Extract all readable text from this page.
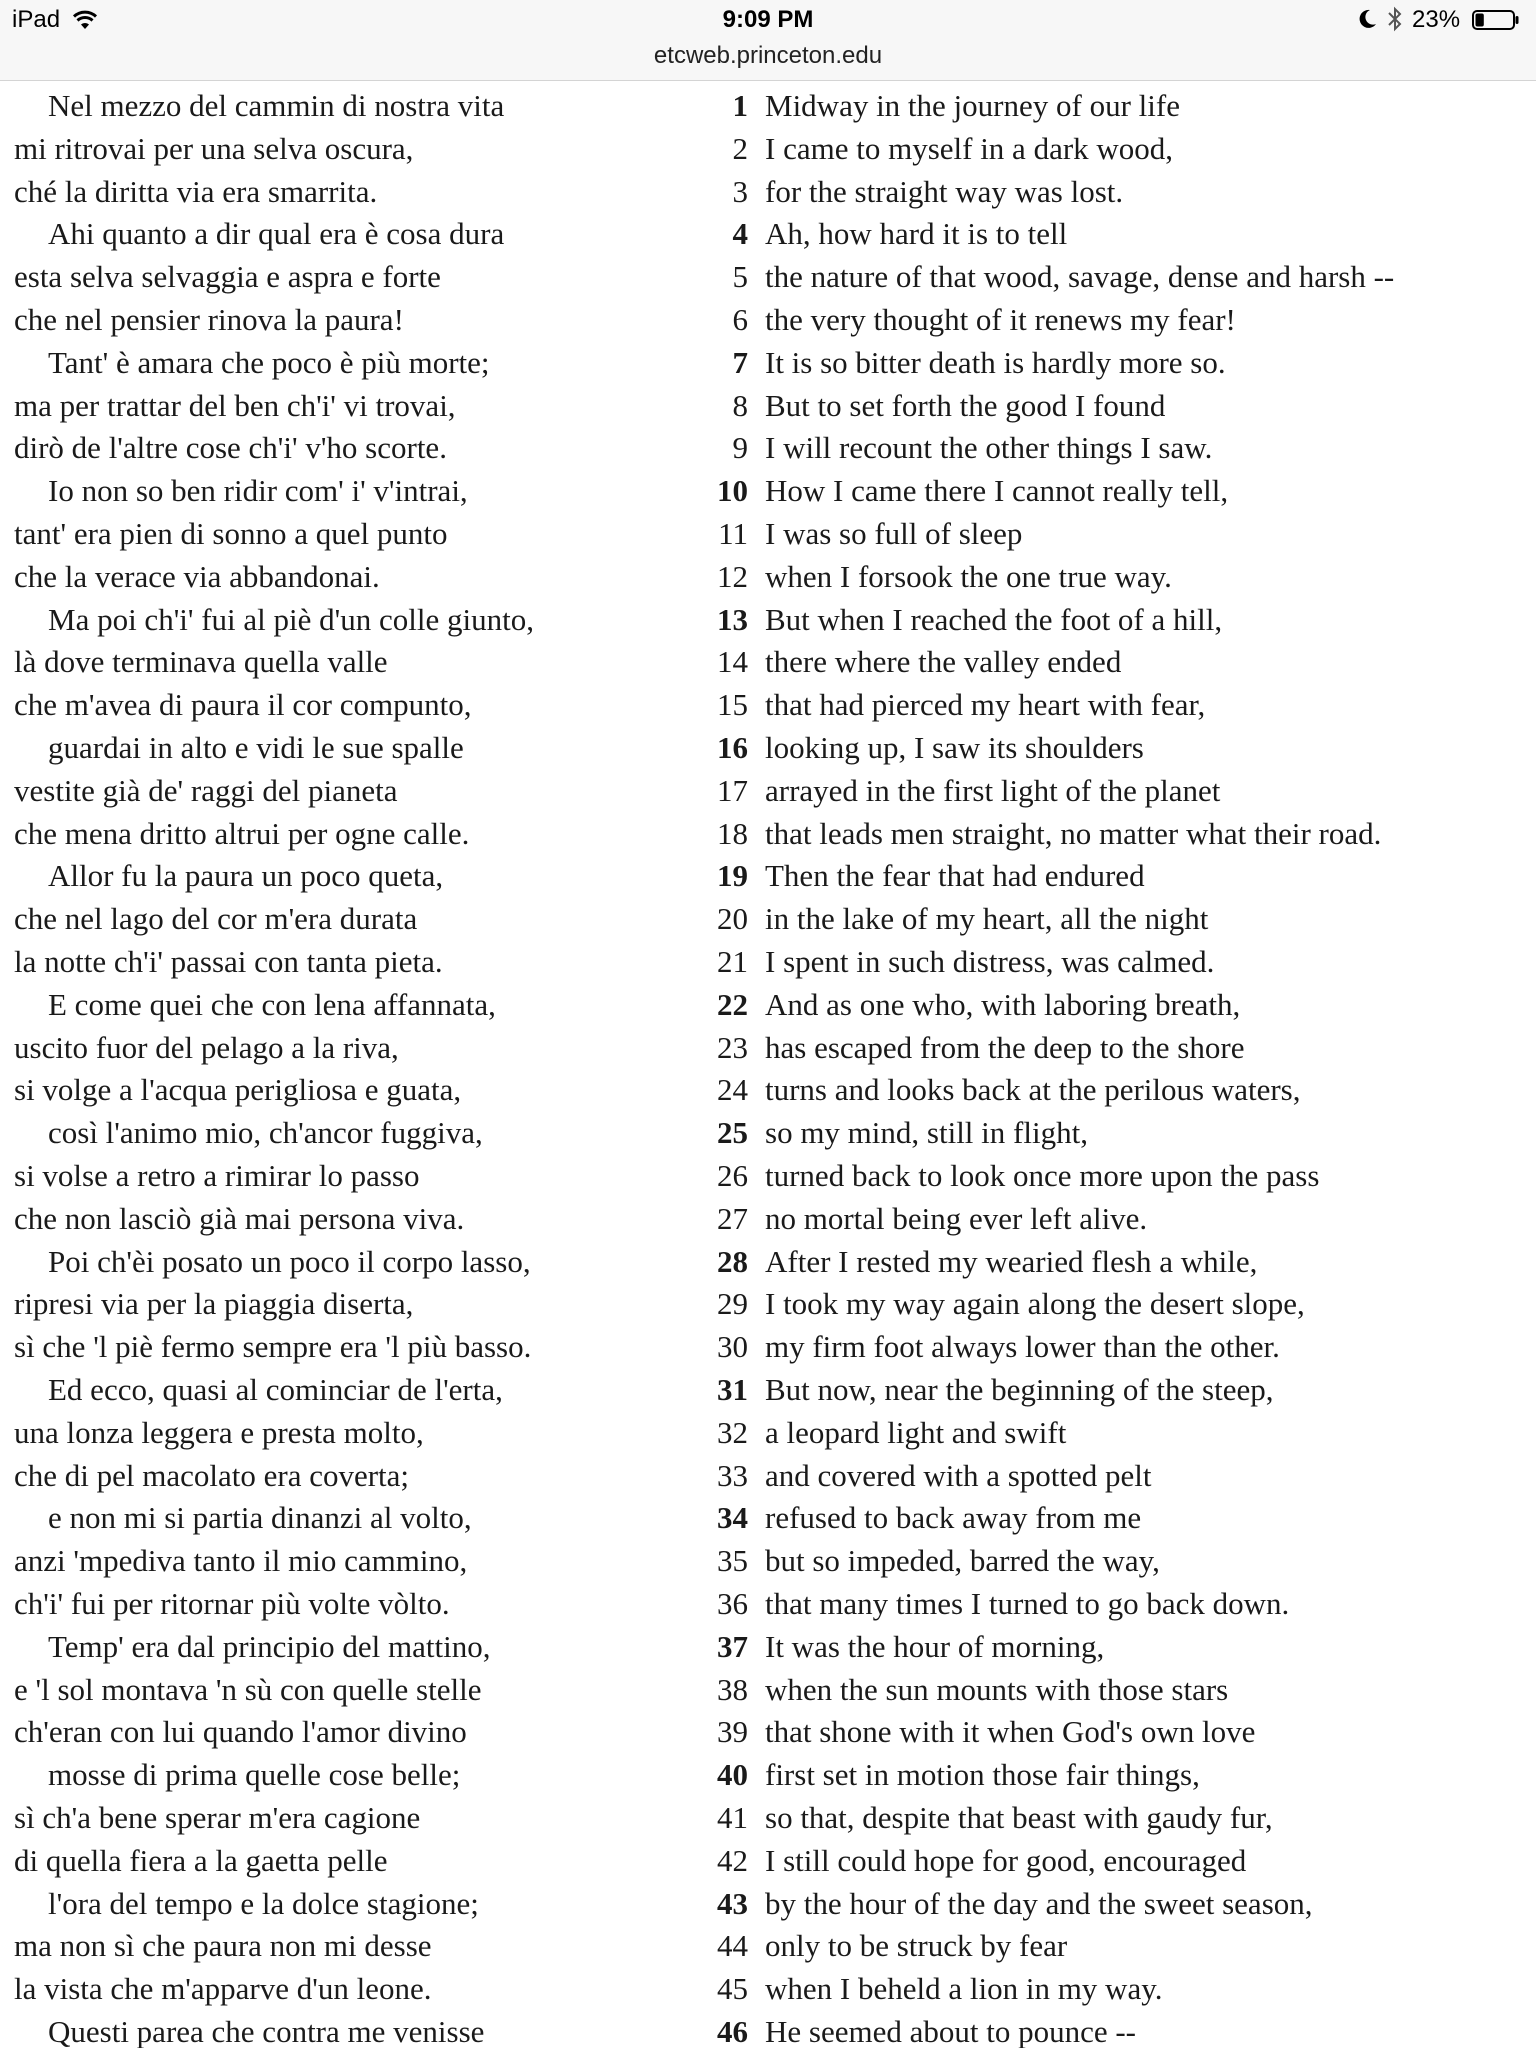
iPad	9:09 PM	23%
etcweb.princeton.edu
Nel mezzo del cammin di nostra vita	1 Midway in the journey of our life
mi ritrovai per una selva oscura,	2 I came to myself in a dark wood,
ché la diritta via era smarrita.	3 for the straight way was lost.
Ahi quanto a dir qual era è cosa dura	4 Ah, how hard it is to tell
esta selva selvaggia e aspra e forte	5 the nature of that wood, savage, dense and harsh --
che nel pensier rinova la paura!	6 the very thought of it renews my fear!
Tant' è amara che poco è più morte;	7 It is so bitter death is hardly more so.
ma per trattar del ben ch'i' vi trovai,	8 But to set forth the good I found
dirò de l'altre cose ch'i' v'ho scorte.	9 I will recount the other things I saw.
Io non so ben ridir com' i' v'intrai,	10 How I came there I cannot really tell,
tant' era pien di sonno a quel punto	11 I was so full of sleep
che la verace via abbandonai.	12 when I forsook the one true way.
Ma poi ch'i' fui al piè d'un colle giunto,	13 But when I reached the foot of a hill,
là dove terminava quella valle	14 there where the valley ended
che m'avea di paura il cor compunto,	15 that had pierced my heart with fear,
guardai in alto e vidi le sue spalle	16 looking up, I saw its shoulders
vestite già de' raggi del pianeta	17 arrayed in the first light of the planet
che mena dritto altrui per ogne calle.	18 that leads men straight, no matter what their road.
Allor fu la paura un poco queta,	19 Then the fear that had endured
che nel lago del cor m'era durata	20 in the lake of my heart, all the night
la notte ch'i' passai con tanta pieta.	21 I spent in such distress, was calmed.
E come quei che con lena affannata,	22 And as one who, with laboring breath,
uscito fuor del pelago a la riva,	23 has escaped from the deep to the shore
si volge a l'acqua perigliosa e guata,	24 turns and looks back at the perilous waters,
così l'animo mio, ch'ancor fuggiva,	25 so my mind, still in flight,
si volse a retro a rimirar lo passo	26 turned back to look once more upon the pass
che non lasciò già mai persona viva.	27 no mortal being ever left alive.
Poi ch'èi posato un poco il corpo lasso,	28 After I rested my wearied flesh a while,
ripresi via per la piaggia diserta,	29 I took my way again along the desert slope,
sì che 'l piè fermo sempre era 'l più basso.	30 my firm foot always lower than the other.
Ed ecco, quasi al cominciar de l'erta,	31 But now, near the beginning of the steep,
una lonza leggera e presta molto,	32 a leopard light and swift
che di pel macolato era coverta;	33 and covered with a spotted pelt
e non mi si partia dinanzi al volto,	34 refused to back away from me
anzi 'mpediva tanto il mio cammino,	35 but so impeded, barred the way,
ch'i' fui per ritornar più volte vòlto.	36 that many times I turned to go back down.
Temp' era dal principio del mattino,	37 It was the hour of morning,
e 'l sol montava 'n sù con quelle stelle	38 when the sun mounts with those stars
ch'eran con lui quando l'amor divino	39 that shone with it when God's own love
mosse di prima quelle cose belle;	40 first set in motion those fair things,
sì ch'a bene sperar m'era cagione	41 so that, despite that beast with gaudy fur,
di quella fiera a la gaetta pelle	42 I still could hope for good, encouraged
l'ora del tempo e la dolce stagione;	43 by the hour of the day and the sweet season,
ma non sì che paura non mi desse	44 only to be struck by fear
la vista che m'apparve d'un leone.	45 when I beheld a lion in my way.
Questi parea che contra me venisse	46 He seemed about to pounce --
